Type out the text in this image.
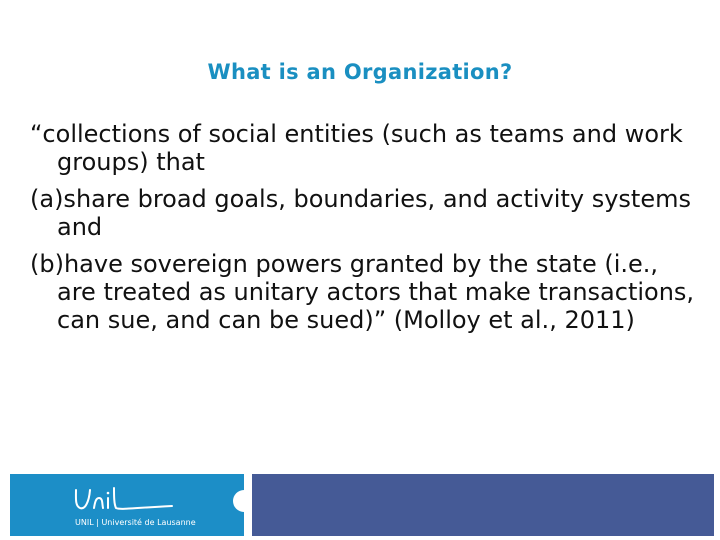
What is an Organization?

“collections of social entities (such as teams and work groups) that

(a)share broad goals, boundaries, and activity systems and

(b)have sovereign powers granted by the state (i.e., are treated as unitary actors that make transactions, can sue, and can be sued)” (Molloy et al., 2011)

UNIL | Université de Lausanne
